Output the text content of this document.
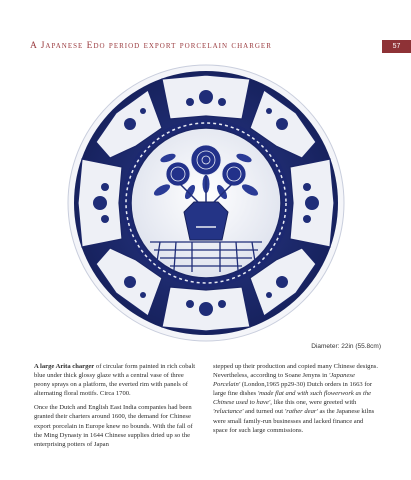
A Japanese Edo period export porcelain charger	57
Diameter: 22in (55.8cm)

A large Arita charger of circular form painted in rich cobalt blue under thick glossy glaze with a central vase of three peony sprays on a platform, the everted rim with panels of alternating floral motifs. Circa 1700.

Once the Dutch and English East India companies had been granted their charters around 1600, the demand for Chinese export porcelain in Europe knew no bounds. With the fall of the Ming Dynasty in 1644 Chinese supplies dried up so the enterprising potters of Japan

stepped up their production and copied many Chinese designs. Nevertheless, according to Soane Jenyns in 'Japanese Porcelain' (London,1965 pp29-30) Dutch orders in 1663 for large fine dishes 'made flat and with such flowerwork as the Chinese used to have', like this one, were greeted with 'reluctance' and turned out 'rather dear' as the Japanese kilns were small family-run businesses and lacked finance and space for such large commissions.
